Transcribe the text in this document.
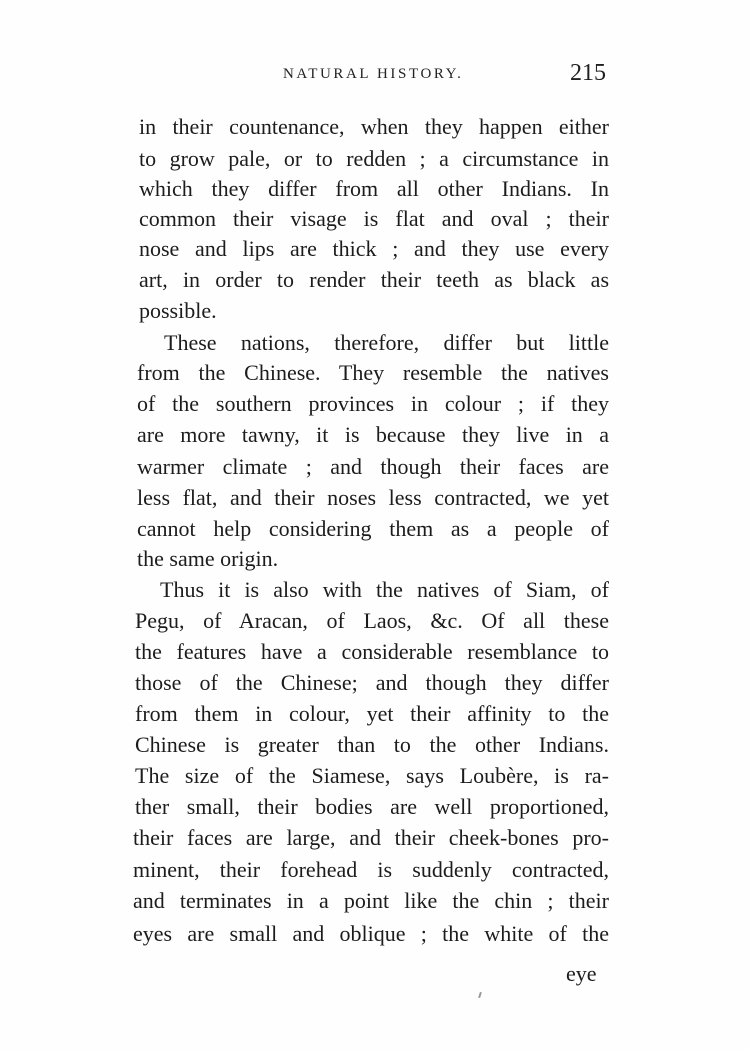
NATURAL HISTORY.	215
in their countenance, when they happen either
to grow pale, or to redden ; a circumstance in
which they differ from all other Indians. In
common their visage is flat and oval ; their
nose and lips are thick ; and they use every
art, in order to render their teeth as black as
possible.
These nations, therefore, differ but little
from the Chinese. They resemble the natives
of the southern provinces in colour ; if they
are more tawny, it is because they live in a
warmer climate ; and though their faces are
less flat, and their noses less contracted, we yet
cannot help considering them as a people of
the same origin.
Thus it is also with the natives of Siam, of
Pegu, of Aracan, of Laos, &c. Of all these
the features have a considerable resemblance to
those of the Chinese; and though they differ
from them in colour, yet their affinity to the
Chinese is greater than to the other Indians.
The size of the Siamese, says Loubère, is ra-
ther small, their bodies are well proportioned,
their faces are large, and their cheek-bones pro-
minent, their forehead is suddenly contracted,
and terminates in a point like the chin ; their
eyes are small and oblique ; the white of the
eye
